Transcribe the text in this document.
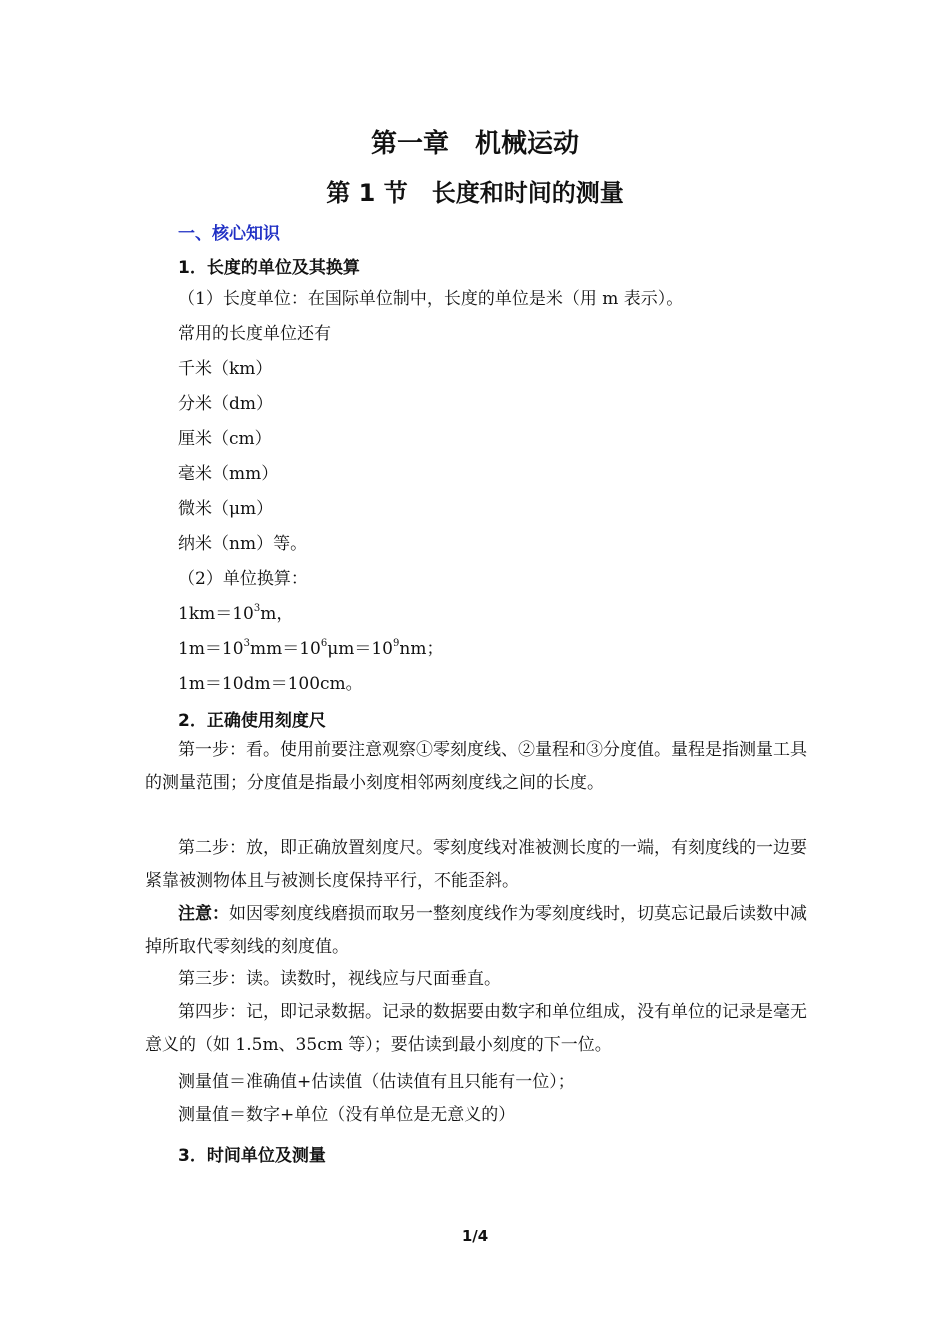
第一章　机械运动
第 1 节　长度和时间的测量
一、核心知识
1．长度的单位及其换算
（1）长度单位：在国际单位制中，长度的单位是米（用 m 表示）。
常用的长度单位还有
千米（km）
分米（dm）
厘米（cm）
毫米（mm）
微米（μm）
纳米（nm）等。
（2）单位换算：
$1km=10^3m$，
$1m=10^3mm=10^6\mu m=10^9nm$；
1m＝10dm＝100cm。
2．正确使用刻度尺
第一步：看。使用前要注意观察①零刻度线、②量程和③分度值。量程是指测量工具的测量范围；分度值是指最小刻度相邻两刻度线之间的长度。
第二步：放，即正确放置刻度尺。零刻度线对准被测长度的一端，有刻度线的一边要紧靠被测物体且与被测长度保持平行，不能歪斜。
注意：如因零刻度线磨损而取另一整刻度线作为零刻度线时，切莫忘记最后读数中减掉所取代零刻线的刻度值。
第三步：读。读数时，视线应与尺面垂直。
第四步：记，即记录数据。记录的数据要由数字和单位组成，没有单位的记录是毫无意义的（如 1.5m、35cm 等）；要估读到最小刻度的下一位。
测量值＝准确值+估读值（估读值有且只能有一位）；
测量值＝数字+单位（没有单位是无意义的）
3．时间单位及测量
1/4
